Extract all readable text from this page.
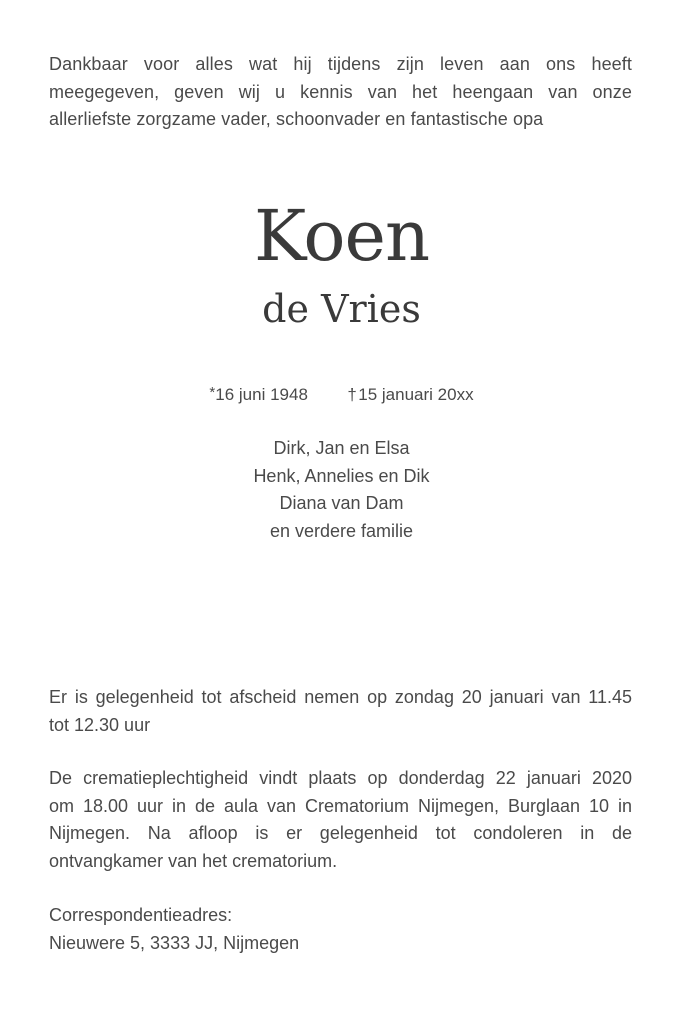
Dankbaar voor alles wat hij tijdens zijn leven aan ons heeft
meegegeven, geven wij u kennis van het heengaan van onze
allerliefste zorgzame vader, schoonvader en fantastische opa
Koen
de Vries
*16 juni 1948 † 15 januari 20xx
Dirk, Jan en Elsa
Henk, Annelies en Dik
Diana van Dam
en verdere familie
Er is gelegenheid tot afscheid nemen op zondag 20 januari van 11.45
tot 12.30 uur
De crematieplechtigheid vindt plaats op donderdag 22 januari 2020
om 18.00 uur in de aula van Crematorium Nijmegen, Burglaan 10 in
Nijmegen. Na afloop is er gelegenheid tot condoleren in de
ontvangkamer van het crematorium.
Correspondentieadres:
Nieuwere 5, 3333 JJ, Nijmegen
